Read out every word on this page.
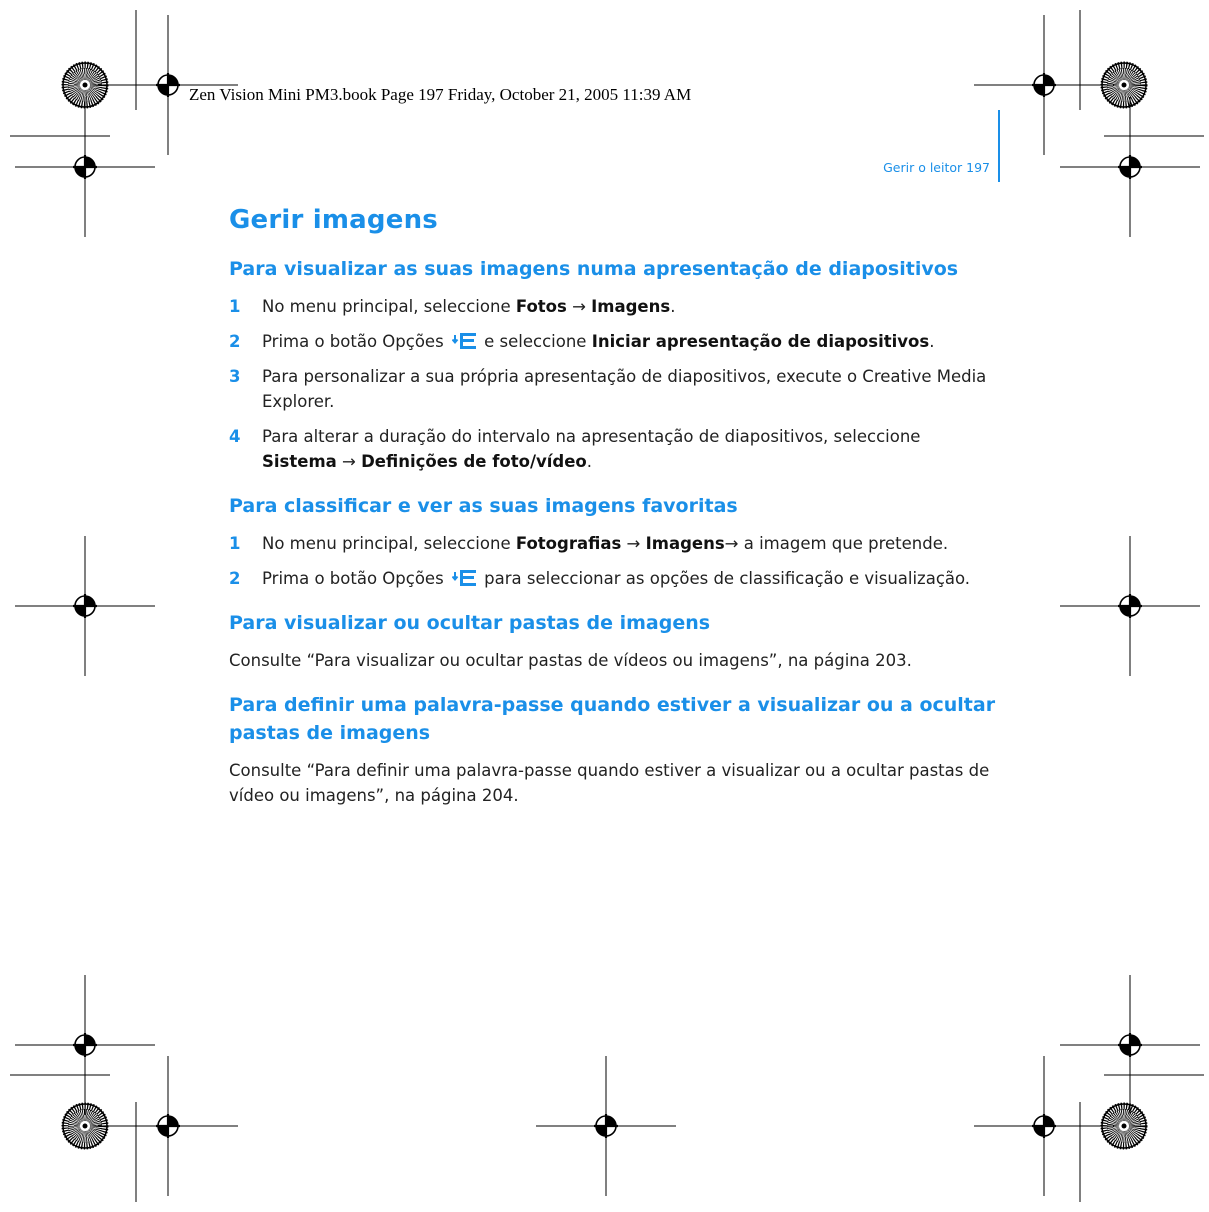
Zen Vision Mini PM3.book Page 197 Friday, October 21, 2005 11:39 AM
Gerir o leitor 197
Gerir imagens
Para visualizar as suas imagens numa apresentação de diapositivos
1 No menu principal, seleccione Fotos → Imagens.
2 Prima o botão Opções  e seleccione Iniciar apresentação de diapositivos.
3 Para personalizar a sua própria apresentação de diapositivos, execute o Creative Media Explorer.
4 Para alterar a duração do intervalo na apresentação de diapositivos, seleccione Sistema → Definições de foto/vídeo.
Para classificar e ver as suas imagens favoritas
1 No menu principal, seleccione Fotografias → Imagens→ a imagem que pretende.
2 Prima o botão Opções  para seleccionar as opções de classificação e visualização.
Para visualizar ou ocultar pastas de imagens

Consulte “Para visualizar ou ocultar pastas de vídeos ou imagens”, na página 203.

Para definir uma palavra-passe quando estiver a visualizar ou a ocultar pastas de imagens

Consulte “Para definir uma palavra-passe quando estiver a visualizar ou a ocultar pastas de vídeo ou imagens”, na página 204.
